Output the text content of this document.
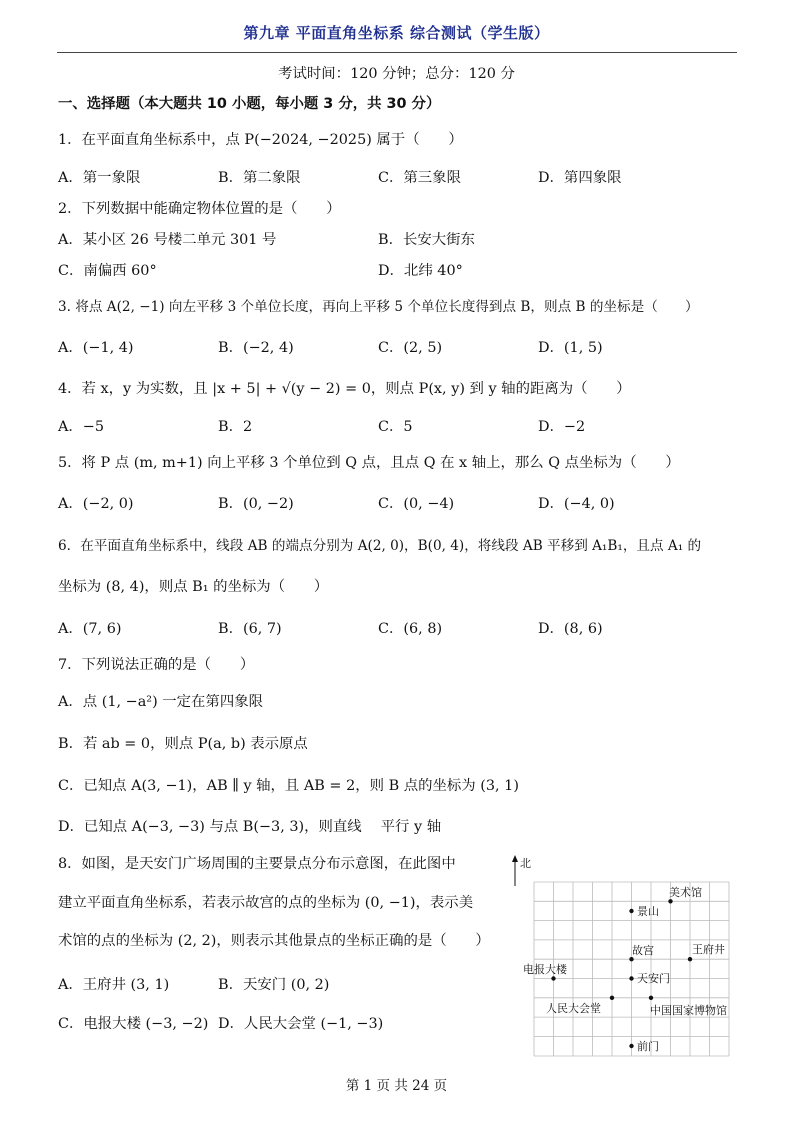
第九章 平面直角坐标系 综合测试（学生版）
考试时间：120 分钟；总分：120 分
一、选择题（本大题共 10 小题，每小题 3 分，共 30 分）
1．在平面直角坐标系中，点 P(−2024, −2025) 属于（　　）
A．第一象限	B．第二象限	C．第三象限	D．第四象限
2．下列数据中能确定物体位置的是（　　）
A．某小区 26 号楼二单元 301 号	B．长安大街东
C．南偏西 60°	D．北纬 40°
3. 将点 A(2, −1) 向左平移 3 个单位长度，再向上平移 5 个单位长度得到点 B，则点 B 的坐标是（　　）
A．(−1, 4)	B．(−2, 4)	C．(2, 5)	D．(1, 5)
4．若 x，y 为实数，且 |x + 5| + √(y − 2) = 0，则点 P(x, y) 到 y 轴的距离为（　　）
A．−5	B．2	C．5	D．−2
5．将 P 点 (m, m+1) 向上平移 3 个单位到 Q 点，且点 Q 在 x 轴上，那么 Q 点坐标为（　　）
A．(−2, 0)	B．(0, −2)	C．(0, −4)	D．(−4, 0)
6．在平面直角坐标系中，线段 AB 的端点分别为 A(2, 0)，B(0, 4)，将线段 AB 平移到 A₁B₁，且点 A₁ 的
坐标为 (8, 4)，则点 B₁ 的坐标为（　　）
A．(7, 6)	B．(6, 7)	C．(6, 8)	D．(8, 6)
7．下列说法正确的是（　　）
A．点 (1, −a²) 一定在第四象限
B．若 ab = 0，则点 P(a, b) 表示原点
C．已知点 A(3, −1)，AB ∥ y 轴，且 AB = 2，则 B 点的坐标为 (3, 1)
D．已知点 A(−3, −3) 与点 B(−3, 3)，则直线　 平行 y 轴
8．如图，是天安门广场周围的主要景点分布示意图，在此图中
建立平面直角坐标系，若表示故宫的点的坐标为 (0, −1)，表示美
术馆的点的坐标为 (2, 2)，则表示其他景点的坐标正确的是（　　）
A．王府井 (3, 1)	B．天安门 (0, 2)
C．电报大楼 (−3, −2) D．人民大会堂 (−1, −3)
北
美术馆
景山
故宫	王府井
电报大楼
天安门
人民大会堂	中国国家博物馆
前门
第 1 页 共 24 页
